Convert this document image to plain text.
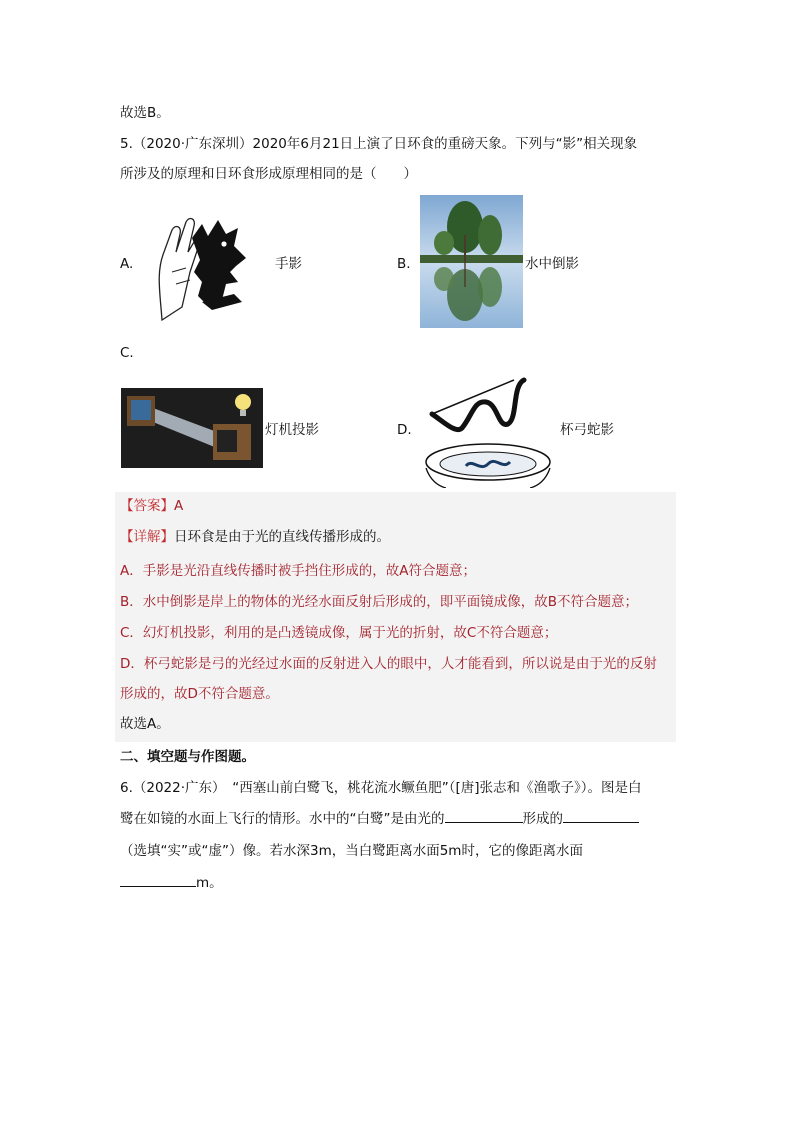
故选B。
5.（2020·广东深圳）2020年6月21日上演了日环食的重磅天象。下列与“影”相关现象
所涉及的原理和日环食形成原理相同的是（　　）
A.	手影	B.	水中倒影
C.
灯机投影	D.	杯弓蛇影
【答案】A
【详解】日环食是由于光的直线传播形成的。
A．手影是光沿直线传播时被手挡住形成的，故A符合题意；
B．水中倒影是岸上的物体的光经水面反射后形成的，即平面镜成像，故B不符合题意；
C．幻灯机投影，利用的是凸透镜成像，属于光的折射，故C不符合题意；
D．杯弓蛇影是弓的光经过水面的反射进入人的眼中，人才能看到，所以说是由于光的反射
形成的，故D不符合题意。
故选A。
二、填空题与作图题。
6.（2022·广东）　“西塞山前白鹭飞，桃花流水鳜鱼肥”（[唐]张志和《渔歌子》）。图是白
鹭在如镜的水面上飞行的情形。水中的“白鹭”是由光的	形成的
（选填“实”或“虚”）像。若水深3m，当白鹭距离水面5m时，它的像距离水面
m。
